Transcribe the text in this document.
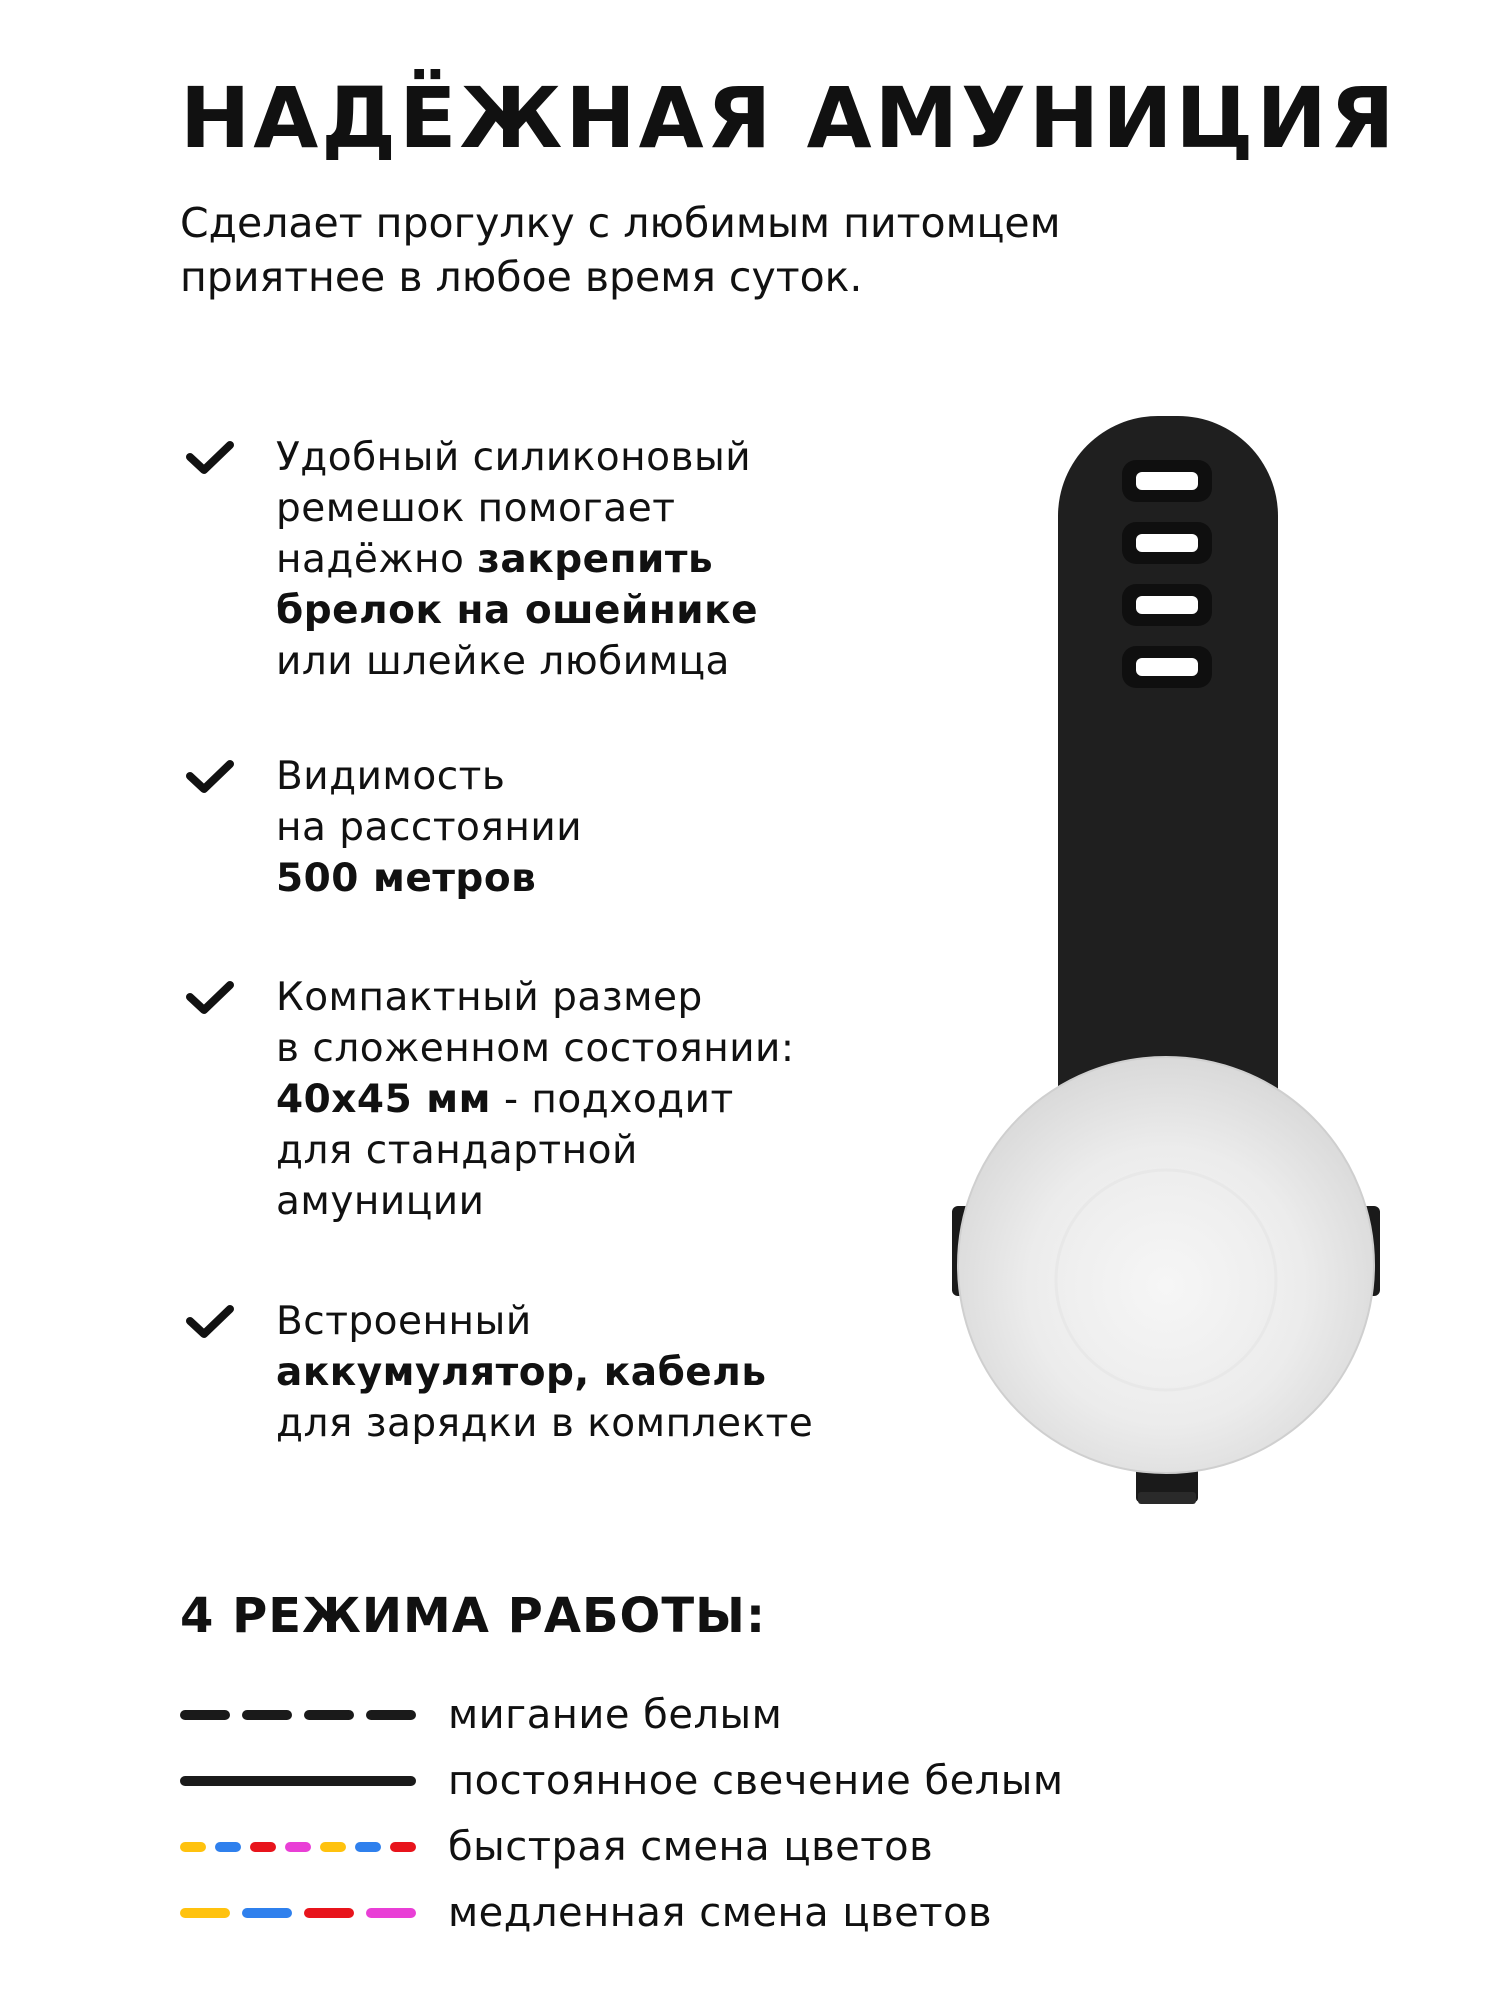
НАДЁЖНАЯ АМУНИЦИЯ

Сделает прогулку с любимым питомцем
приятнее в любое время суток.

Удобный силиконовый
ремешок помогает
надёжно закрепить
брелок на ошейнике
или шлейке любимца
Видимость
на расстоянии
500 метров
Компактный размер
в сложенном состоянии:
40х45 мм - подходит
для стандартной
амуниции
Встроенный
аккумулятор, кабель
для зарядки в комплекте
4 РЕЖИМА РАБОТЫ:
мигание белым
постоянное свечение белым
быстрая смена цветов
медленная смена цветов
